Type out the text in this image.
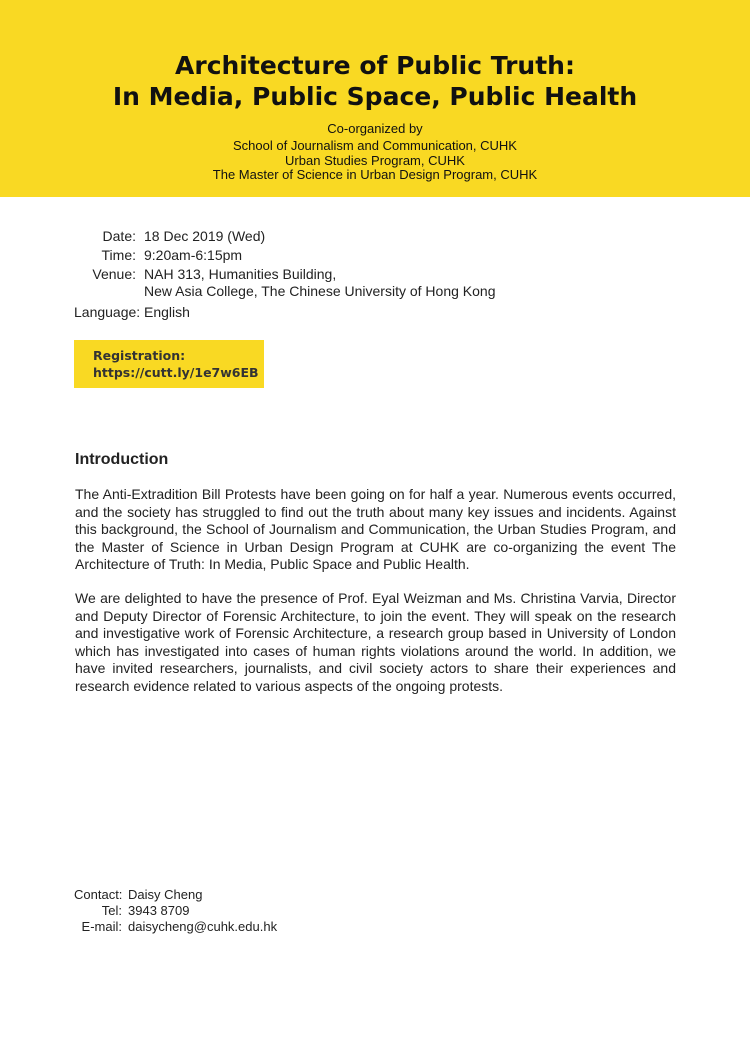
Architecture of Public Truth:
In Media, Public Space, Public Health
Co-organized by
School of Journalism and Communication, CUHK
Urban Studies Program, CUHK
The Master of Science in Urban Design Program, CUHK
Date: 18 Dec 2019 (Wed)
Time: 9:20am-6:15pm
Venue: NAH 313, Humanities Building,
New Asia College, The Chinese University of Hong Kong
Language: English
Registration:
https://cutt.ly/1e7w6EB
Introduction

The Anti-Extradition Bill Protests have been going on for half a year. Numerous events occurred, and the society has struggled to find out the truth about many key issues and incidents. Against this background, the School of Journalism and Communication, the Urban Studies Program, and the Master of Science in Urban Design Program at CUHK are co-organizing the event The Architecture of Truth: In Media, Public Space and Public Health.

We are delighted to have the presence of Prof. Eyal Weizman and Ms. Christina Varvia, Director and Deputy Director of Forensic Architecture, to join the event. They will speak on the research and investigative work of Forensic Architecture, a research group based in University of London which has investigated into cases of human rights violations around the world. In addition, we have invited researchers, journalists, and civil society actors to share their experiences and research evidence related to various aspects of the ongoing protests.

Contact: Daisy Cheng
Tel: 3943 8709
E-mail: daisycheng@cuhk.edu.hk
